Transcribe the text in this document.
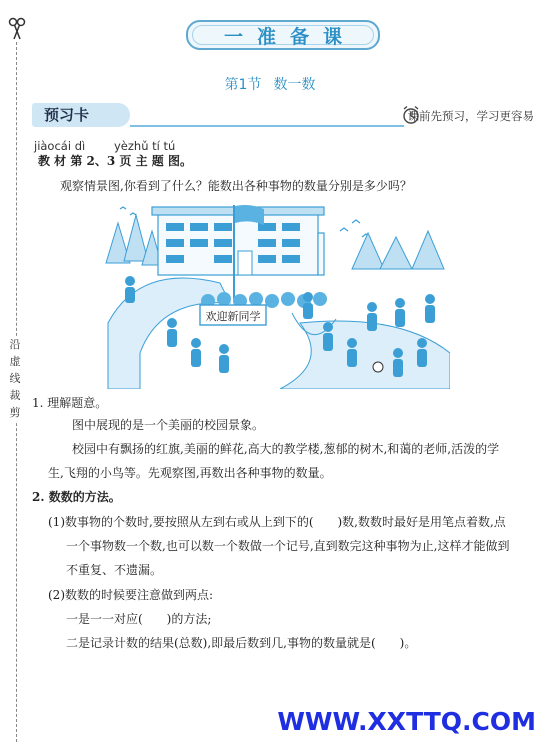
沿虚线裁剪
一准备课
第1节 数一数
预习卡	课前先预习，学习更容易
jiàocái dì	yèzhǔ tí tú
教 材 第 2、3 页 主 题 图。
观察情景图,你看到了什么？能数出各种事物的数量分别是多少吗？
欢迎新同学
1. 理解题意。
图中展现的是一个美丽的校园景象。
校园中有飘扬的红旗,美丽的鲜花,高大的教学楼,葱郁的树木,和蔼的老师,活泼的学
生,飞翔的小鸟等。先观察图,再数出各种事物的数量。
2. 数数的方法。
(1)数事物的个数时,要按照从左到右或从上到下的(　　)数,数数时最好是用笔点着数,点
一个事物数一个数,也可以数一个数做一个记号,直到数完这种事物为止,这样才能做到
不重复、不遗漏。
(2)数数的时候要注意做到两点:
一是一一对应(　　)的方法;
二是记录计数的结果(总数),即最后数到几,事物的数量就是(　　)。
WWW.XXTTQ.COM
